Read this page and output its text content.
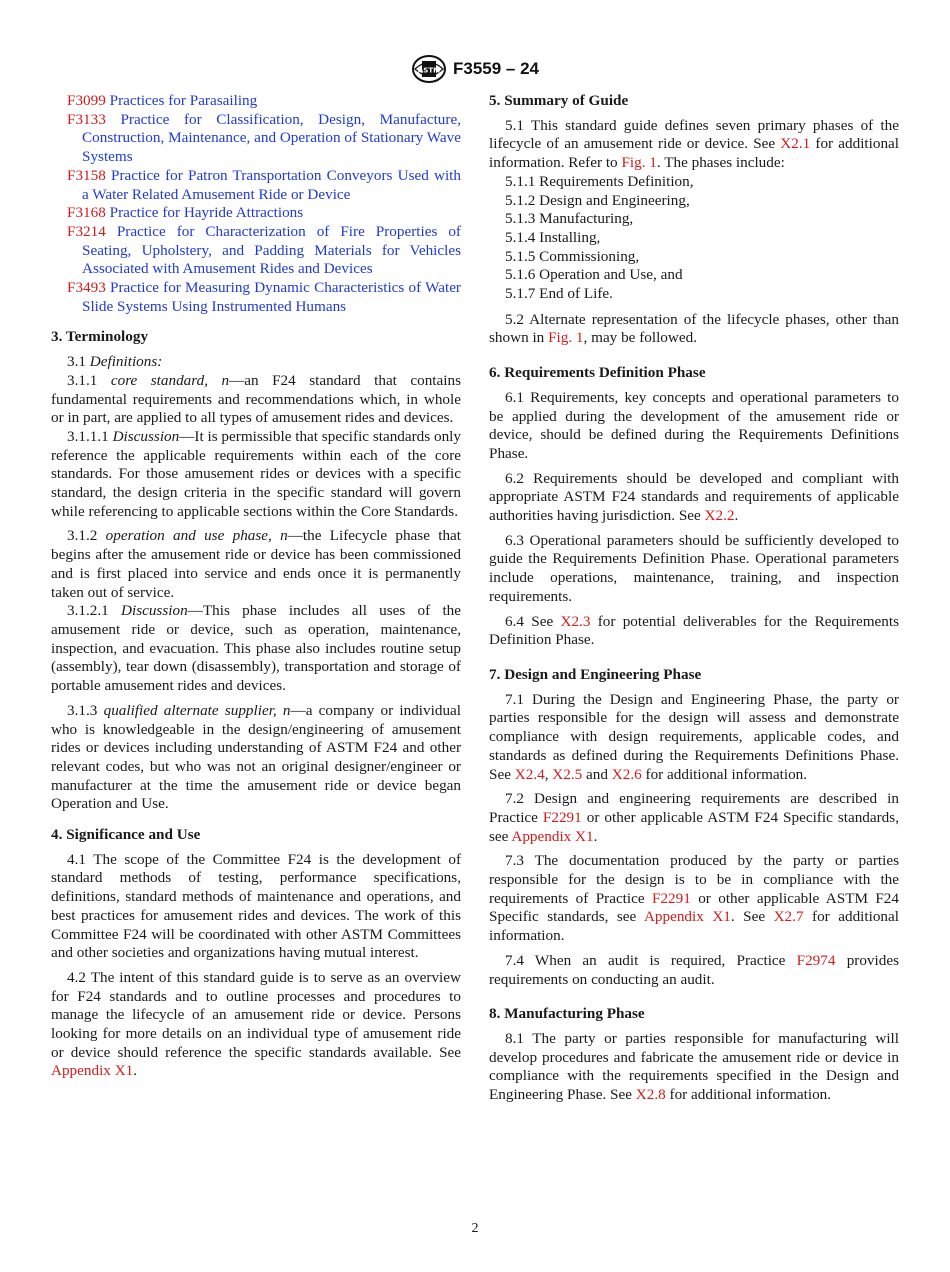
ASTM F3559 – 24

F3099 Practices for Parasailing

F3133 Practice for Classification, Design, Manufacture, Construction, Maintenance, and Operation of Stationary Wave Systems

F3158 Practice for Patron Transportation Conveyors Used with a Water Related Amusement Ride or Device

F3168 Practice for Hayride Attractions

F3214 Practice for Characterization of Fire Properties of Seating, Upholstery, and Padding Materials for Vehicles Associated with Amusement Rides and Devices

F3493 Practice for Measuring Dynamic Characteristics of Water Slide Systems Using Instrumented Humans

3. Terminology

3.1 Definitions:

3.1.1 core standard, n—an F24 standard that contains fundamental requirements and recommendations which, in whole or in part, are applied to all types of amusement rides and devices.

3.1.1.1 Discussion—It is permissible that specific standards only reference the applicable requirements within each of the core standards. For those amusement rides or devices with a specific standard, the design criteria in the specific standard will govern while referencing to applicable sections within the Core Standards.

3.1.2 operation and use phase, n—the Lifecycle phase that begins after the amusement ride or device has been commissioned and is first placed into service and ends once it is permanently taken out of service.

3.1.2.1 Discussion—This phase includes all uses of the amusement ride or device, such as operation, maintenance, inspection, and evacuation. This phase also includes routine setup (assembly), tear down (disassembly), transportation and storage of portable amusement rides and devices.

3.1.3 qualified alternate supplier, n—a company or individual who is knowledgeable in the design/engineering of amusement rides or devices including understanding of ASTM F24 and other relevant codes, but who was not an original designer/engineer or manufacturer at the time the amusement ride or device began Operation and Use.

4. Significance and Use

4.1 The scope of the Committee F24 is the development of standard methods of testing, performance specifications, definitions, standard methods of maintenance and operations, and best practices for amusement rides and devices. The work of this Committee F24 will be coordinated with other ASTM Committees and other societies and organizations having mutual interest.

4.2 The intent of this standard guide is to serve as an overview for F24 standards and to outline processes and procedures to manage the lifecycle of an amusement ride or device. Persons looking for more details on an individual type of amusement ride or device should reference the specific standards available. See Appendix X1.

5. Summary of Guide

5.1 This standard guide defines seven primary phases of the lifecycle of an amusement ride or device. See X2.1 for additional information. Refer to Fig. 1. The phases include:

5.1.1 Requirements Definition,

5.1.2 Design and Engineering,

5.1.3 Manufacturing,

5.1.4 Installing,

5.1.5 Commissioning,

5.1.6 Operation and Use, and

5.1.7 End of Life.

5.2 Alternate representation of the lifecycle phases, other than shown in Fig. 1, may be followed.

6. Requirements Definition Phase

6.1 Requirements, key concepts and operational parameters to be applied during the development of the amusement ride or device, should be defined during the Requirements Definitions Phase.

6.2 Requirements should be developed and compliant with appropriate ASTM F24 standards and requirements of applicable authorities having jurisdiction. See X2.2.

6.3 Operational parameters should be sufficiently developed to guide the Requirements Definition Phase. Operational parameters include operations, maintenance, training, and inspection requirements.

6.4 See X2.3 for potential deliverables for the Requirements Definition Phase.

7. Design and Engineering Phase

7.1 During the Design and Engineering Phase, the party or parties responsible for the design will assess and demonstrate compliance with design requirements, applicable codes, and standards as defined during the Requirements Definitions Phase. See X2.4, X2.5 and X2.6 for additional information.

7.2 Design and engineering requirements are described in Practice F2291 or other applicable ASTM F24 Specific standards, see Appendix X1.

7.3 The documentation produced by the party or parties responsible for the design is to be in compliance with the requirements of Practice F2291 or other applicable ASTM F24 Specific standards, see Appendix X1. See X2.7 for additional information.

7.4 When an audit is required, Practice F2974 provides requirements on conducting an audit.

8. Manufacturing Phase

8.1 The party or parties responsible for manufacturing will develop procedures and fabricate the amusement ride or device in compliance with the requirements specified in the Design and Engineering Phase. See X2.8 for additional information.

2
